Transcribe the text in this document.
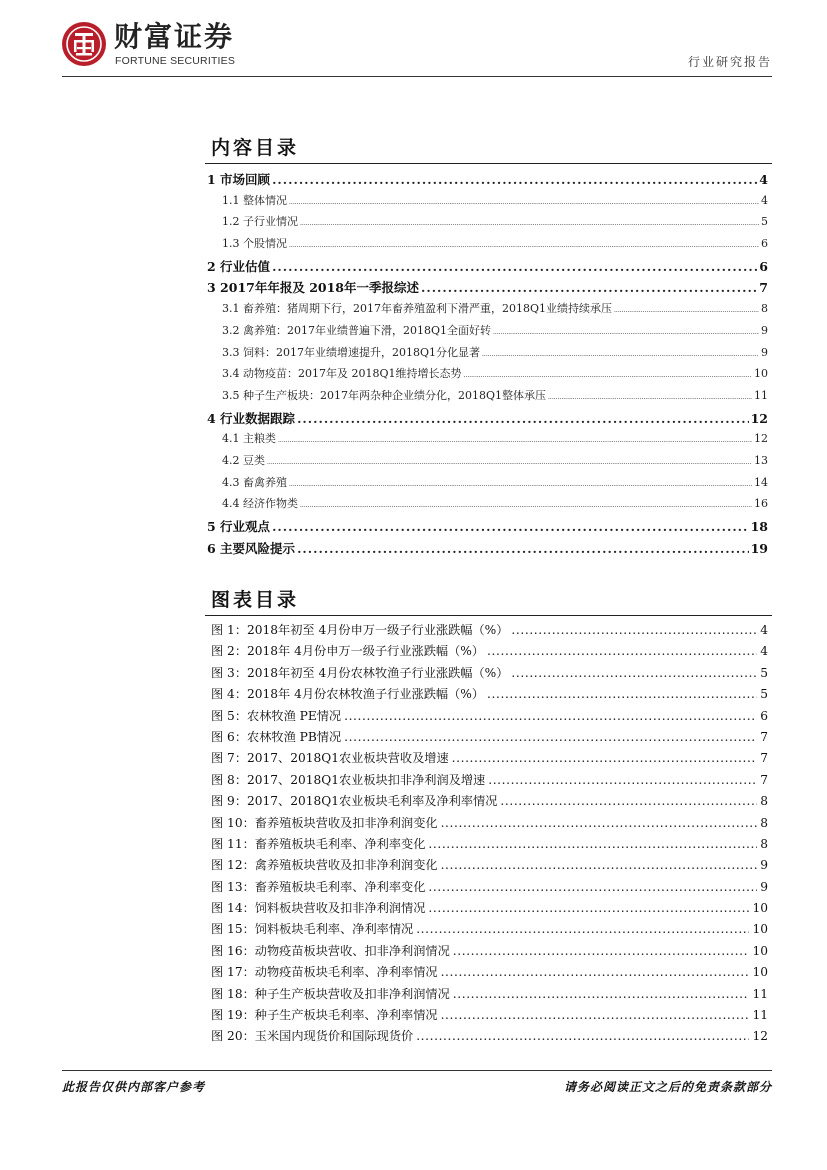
财富证券
FORTUNE SECURITIES	行业研究报告
内容目录
1 市场回顾 .....	4
1.1 整体情况 .....	4
1.2 子行业情况 .....	5
1.3 个股情况 .....	6
2 行业估值 .....	6
3 2017年年报及 2018年一季报综述 .....	7
3.1 畜养殖：猪周期下行，2017年畜养殖盈利下滑严重，2018Q1业绩持续承压 .....	8
3.2 禽养殖：2017年业绩普遍下滑，2018Q1全面好转 .....	9
3.3 饲料：2017年业绩增速提升，2018Q1分化显著 .....	9
3.4 动物疫苗：2017年及 2018Q1维持增长态势 .....	10
3.5 种子生产板块：2017年两杂种企业绩分化，2018Q1整体承压 .....	11
4 行业数据跟踪 .....	12
4.1 主粮类 .....	12
4.2 豆类 .....	13
4.3 畜禽养殖 .....	14
4.4 经济作物类 .....	16
5 行业观点 .....	18
6 主要风险提示 .....	19
图表目录
图 1：2018年初至 4月份申万一级子行业涨跌幅（%） .....	4
图 2：2018年 4月份申万一级子行业涨跌幅（%） .....	4
图 3：2018年初至 4月份农林牧渔子行业涨跌幅（%） .....	5
图 4：2018年 4月份农林牧渔子行业涨跌幅（%） .....	5
图 5：农林牧渔 PE情况 .....	6
图 6：农林牧渔 PB情况 .....	7
图 7：2017、2018Q1农业板块营收及增速 .....	7
图 8：2017、2018Q1农业板块扣非净利润及增速 .....	7
图 9：2017、2018Q1农业板块毛利率及净利率情况 .....	8
图 10：畜养殖板块营收及扣非净利润变化 .....	8
图 11：畜养殖板块毛利率、净利率变化 .....	8
图 12：禽养殖板块营收及扣非净利润变化 .....	9
图 13：畜养殖板块毛利率、净利率变化 .....	9
图 14：饲料板块营收及扣非净利润情况 .....	10
图 15：饲料板块毛利率、净利率情况 .....	10
图 16：动物疫苗板块营收、扣非净利润情况 .....	10
图 17：动物疫苗板块毛利率、净利率情况 .....	10
图 18：种子生产板块营收及扣非净利润情况 .....	11
图 19：种子生产板块毛利率、净利率情况 .....	11
图 20：玉米国内现货价和国际现货价 .....	12
此报告仅供内部客户参考	请务必阅读正文之后的免责条款部分
